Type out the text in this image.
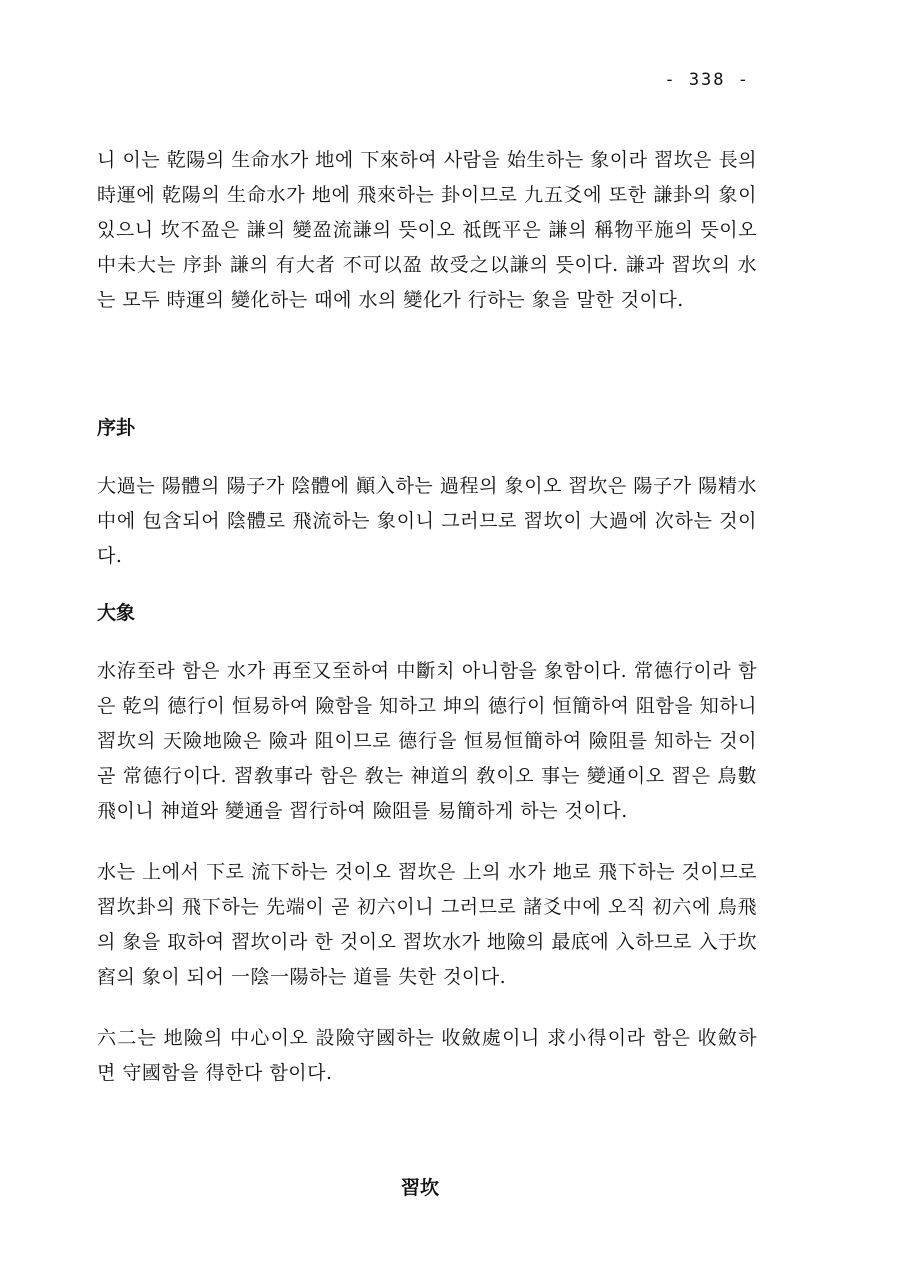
- 338 -

니 이는 乾陽의 生命水가 地에 下來하여 사람을 始生하는 象이라 習坎은 長의 時運에 乾陽의 生命水가 地에 飛來하는 卦이므로 九五爻에 또한 謙卦의 象이 있으니 坎不盈은 謙의 變盈流謙의 뜻이오 祗旣平은 謙의 稱物平施의 뜻이오 中未大는 序卦 謙의 有大者 不可以盈 故受之以謙의 뜻이다. 謙과 習坎의 水는 모두 時運의 變化하는 때에 水의 變化가 行하는 象을 말한 것이다.

序卦

大過는 陽體의 陽子가 陰體에 顚入하는 過程의 象이오 習坎은 陽子가 陽精水中에 包含되어 陰體로 飛流하는 象이니 그러므로 習坎이 大過에 次하는 것이다.

大象

水洊至라 함은 水가 再至又至하여 中斷치 아니함을 象함이다. 常德行이라 함은 乾의 德行이 恒易하여 險함을 知하고 坤의 德行이 恒簡하여 阻함을 知하니 習坎의 天險地險은 險과 阻이므로 德行을 恒易恒簡하여 險阻를 知하는 것이 곧 常德行이다. 習敎事라 함은 敎는 神道의 敎이오 事는 變通이오 習은 鳥數飛이니 神道와 變通을 習行하여 險阻를 易簡하게 하는 것이다.

水는 上에서 下로 流下하는 것이오 習坎은 上의 水가 地로 飛下하는 것이므로 習坎卦의 飛下하는 先端이 곧 初六이니 그러므로 諸爻中에 오직 初六에 鳥飛의 象을 取하여 習坎이라 한 것이오 習坎水가 地險의 最底에 入하므로 入于坎窞의 象이 되어 一陰一陽하는 道를 失한 것이다.

六二는 地險의 中心이오 設險守國하는 收斂處이니 求小得이라 함은 收斂하면 守國함을 得한다 함이다.

習坎
